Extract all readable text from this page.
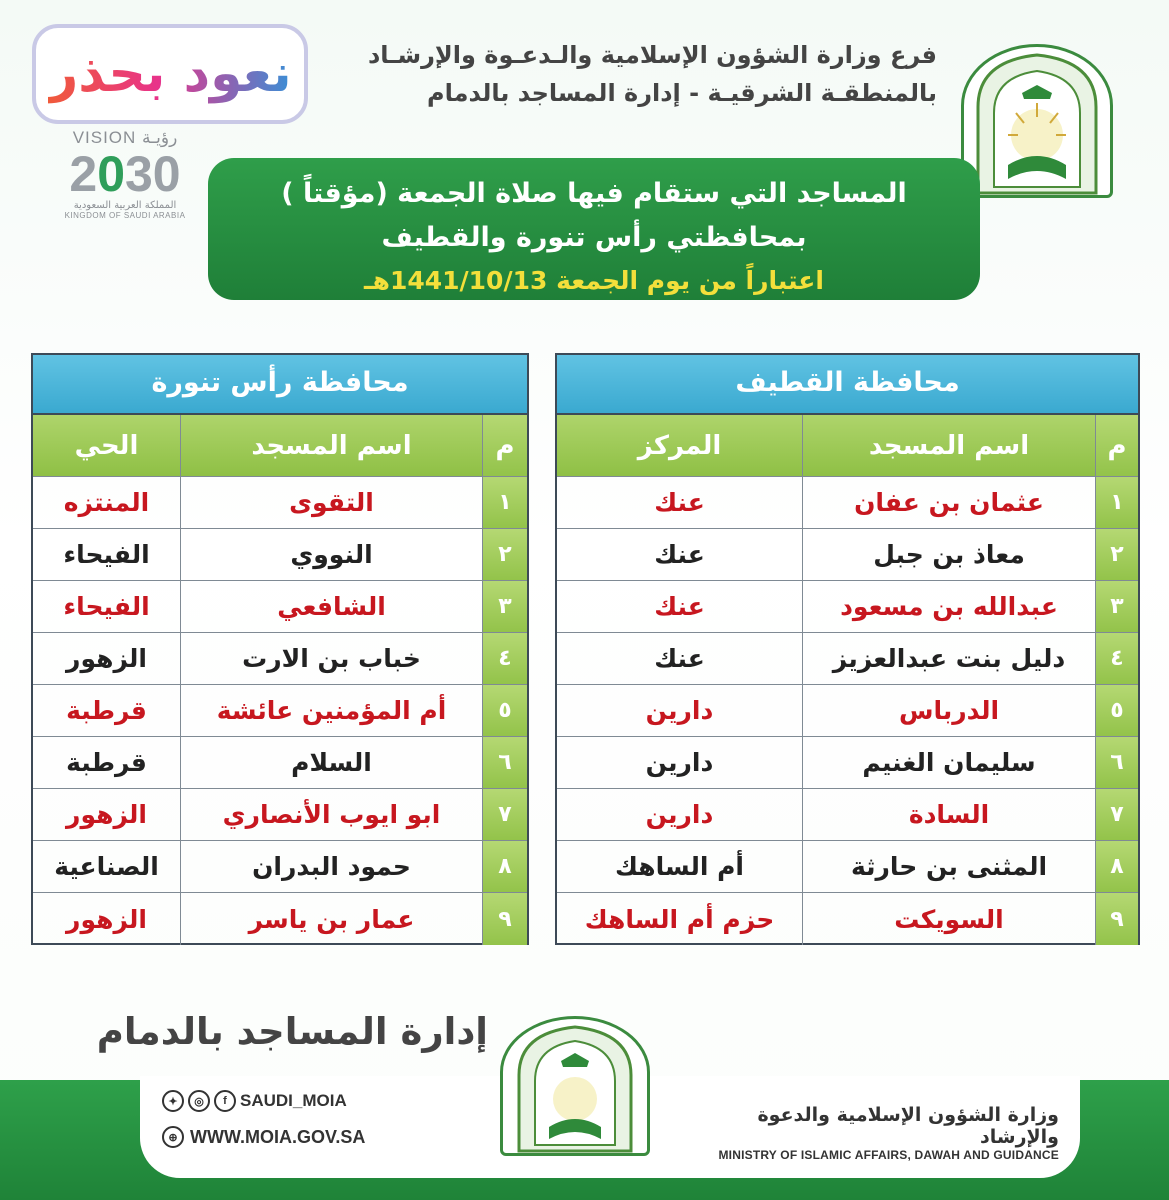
نعود بحذر
VISION رؤيـة
2030
المملكة العربية السعودية
KINGDOM OF SAUDI ARABIA
فرع وزارة الشؤون الإسلامية والـدعـوة والإرشـاد
بالمنطقـة الشرقيـة - إدارة المساجد بالدمام
المساجد التي ستقام فيها صلاة الجمعة (مؤقتاً )
بمحافظتي رأس تنورة والقطيف
اعتباراً من يوم الجمعة 1441/10/13هـ
محافظة القطيف
م
اسم المسجد
المركز
١
عثمان بن عفان
عنك
٢
معاذ بن جبل
عنك
٣
عبدالله بن مسعود
عنك
٤
دليل بنت عبدالعزيز
عنك
٥
الدرباس
دارين
٦
سليمان الغنيم
دارين
٧
السادة
دارين
٨
المثنى بن حارثة
أم الساهك
٩
السويكت
حزم أم الساهك
محافظة رأس تنورة
م
اسم المسجد
الحي
١
التقوى
المنتزه
٢
النووي
الفيحاء
٣
الشافعي
الفيحاء
٤
خباب بن الارت
الزهور
٥
أم المؤمنين عائشة
قرطبة
٦
السلام
قرطبة
٧
ابو ايوب الأنصاري
الزهور
٨
حمود البدران
الصناعية
٩
عمار بن ياسر
الزهور
إدارة المساجد بالدمام
✦	◎	f SAUDI_MOIA
⊕ WWW.MOIA.GOV.SA
وزارة الشؤون الإسلامية والدعوة والإرشاد
MINISTRY OF ISLAMIC AFFAIRS, DAWAH AND GUIDANCE
